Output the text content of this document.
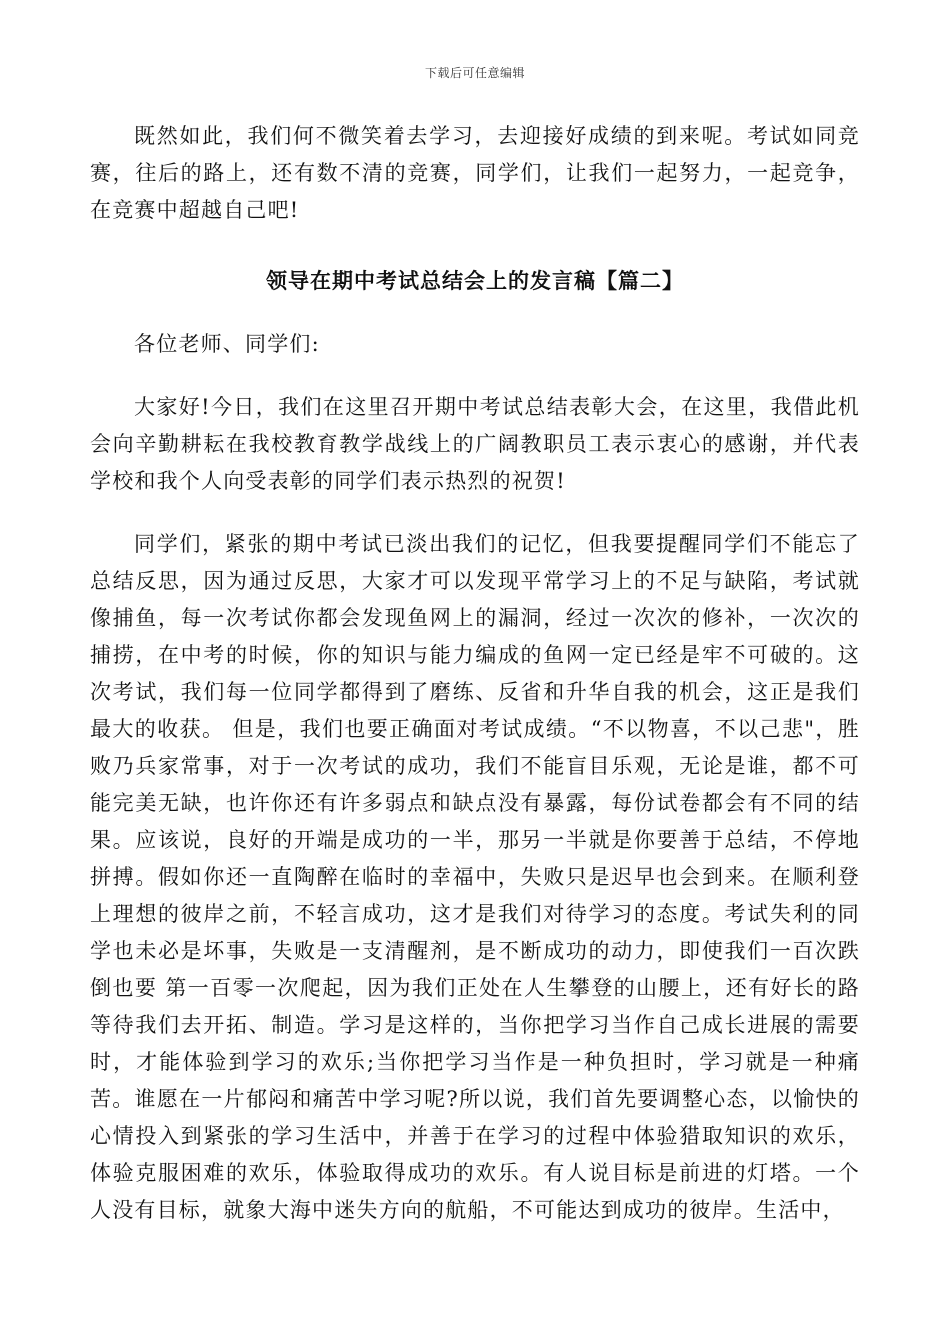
下载后可任意编辑

既然如此，我们何不微笑着去学习，去迎接好成绩的到来呢。考试如同竞赛，往后的路上，还有数不清的竞赛，同学们，让我们一起努力，一起竞争，在竞赛中超越自己吧!

领导在期中考试总结会上的发言稿【篇二】

各位老师、同学们:

大家好!今日，我们在这里召开期中考试总结表彰大会，在这里，我借此机会向辛勤耕耘在我校教育教学战线上的广阔教职员工表示衷心的感谢，并代表学校和我个人向受表彰的同学们表示热烈的祝贺!

同学们，紧张的期中考试已淡出我们的记忆，但我要提醒同学们不能忘了总结反思，因为通过反思，大家才可以发现平常学习上的不足与缺陷，考试就像捕鱼，每一次考试你都会发现鱼网上的漏洞，经过一次次的修补，一次次的捕捞，在中考的时候，你的知识与能力编成的鱼网一定已经是牢不可破的。这次考试，我们每一位同学都得到了磨练、反省和升华自我的机会，这正是我们最大的收获。 但是，我们也要正确面对考试成绩。“不以物喜，不以己悲"，胜败乃兵家常事，对于一次考试的成功，我们不能盲目乐观，无论是谁，都不可能完美无缺，也许你还有许多弱点和缺点没有暴露，每份试卷都会有不同的结果。应该说，良好的开端是成功的一半，那另一半就是你要善于总结，不停地拼搏。假如你还一直陶醉在临时的幸福中，失败只是迟早也会到来。在顺利登上理想的彼岸之前，不轻言成功，这才是我们对待学习的态度。考试失利的同学也未必是坏事，失败是一支清醒剂，是不断成功的动力，即使我们一百次跌倒也要 第一百零一次爬起，因为我们正处在人生攀登的山腰上，还有好长的路等待我们去开拓、制造。学习是这样的，当你把学习当作自己成长进展的需要时，才能体验到学习的欢乐;当你把学习当作是一种负担时，学习就是一种痛苦。谁愿在一片郁闷和痛苦中学习呢?所以说，我们首先要调整心态，以愉快的心情投入到紧张的学习生活中，并善于在学习的过程中体验猎取知识的欢乐，体验克服困难的欢乐，体验取得成功的欢乐。有人说目标是前进的灯塔。一个人没有目标，就象大海中迷失方向的航船，不可能达到成功的彼岸。生活中，
